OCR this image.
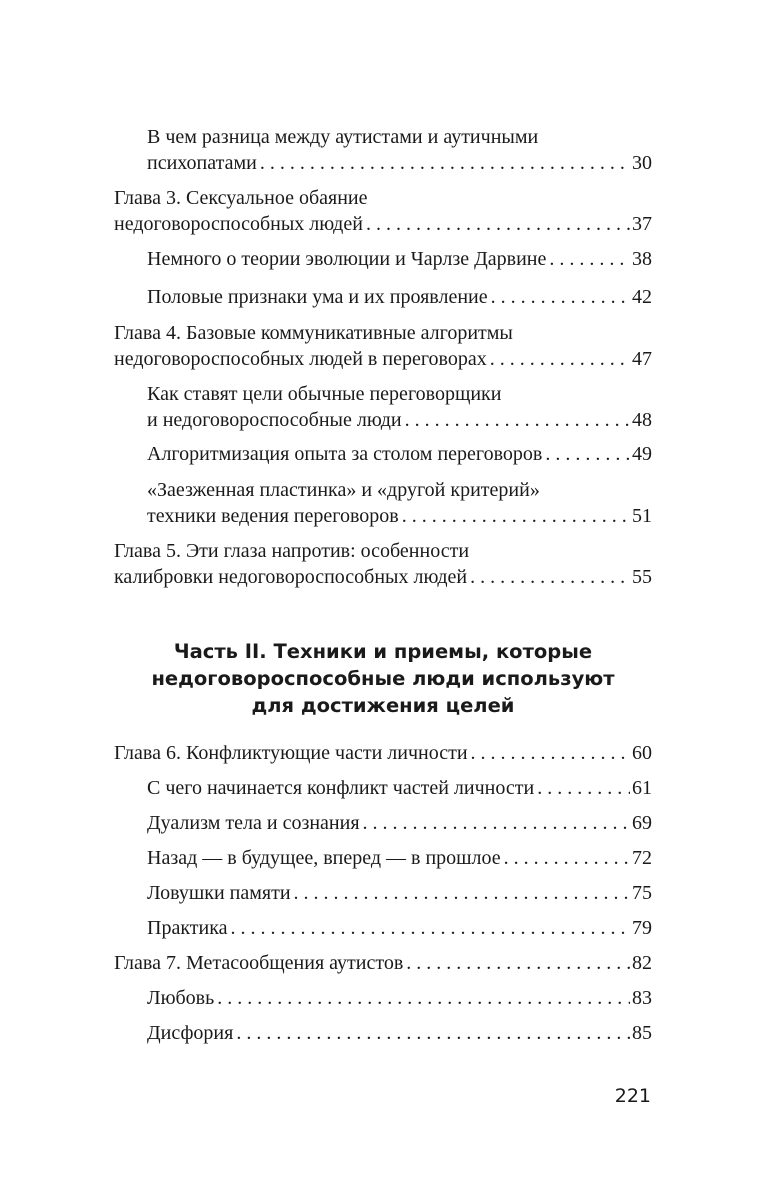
В чем разница между аутистами и аутичными
психопатами . . .	30
Глава 3. Сексуальное обаяние
недоговороспособных людей . . .	37
Немного о теории эволюции и Чарлзе Дарвине . . .	38
Половые признаки ума и их проявление . . .	42
Глава 4. Базовые коммуникативные алгоритмы
недоговороспособных людей в переговорах . . .	47
Как ставят цели обычные переговорщики
и недоговороспособные люди . . .	48
Алгоритмизация опыта за столом переговоров . . .	49
«Заезженная пластинка» и «другой критерий»
техники ведения переговоров . . .	51
Глава 5. Эти глаза напротив: особенности
калибровки недоговороспособных людей . . .	55
Часть II. Техники и приемы, которые
недоговороспособные люди используют
для достижения целей
Глава 6. Конфликтующие части личности . . .	60
С чего начинается конфликт частей личности . . .	61
Дуализм тела и сознания . . .	69
Назад — в будущее, вперед — в прошлое . . .	72
Ловушки памяти . . .	75
Практика . . .	79
Глава 7. Метасообщения аутистов . . .	82
Любовь . . .	83
Дисфория . . .	85
221
